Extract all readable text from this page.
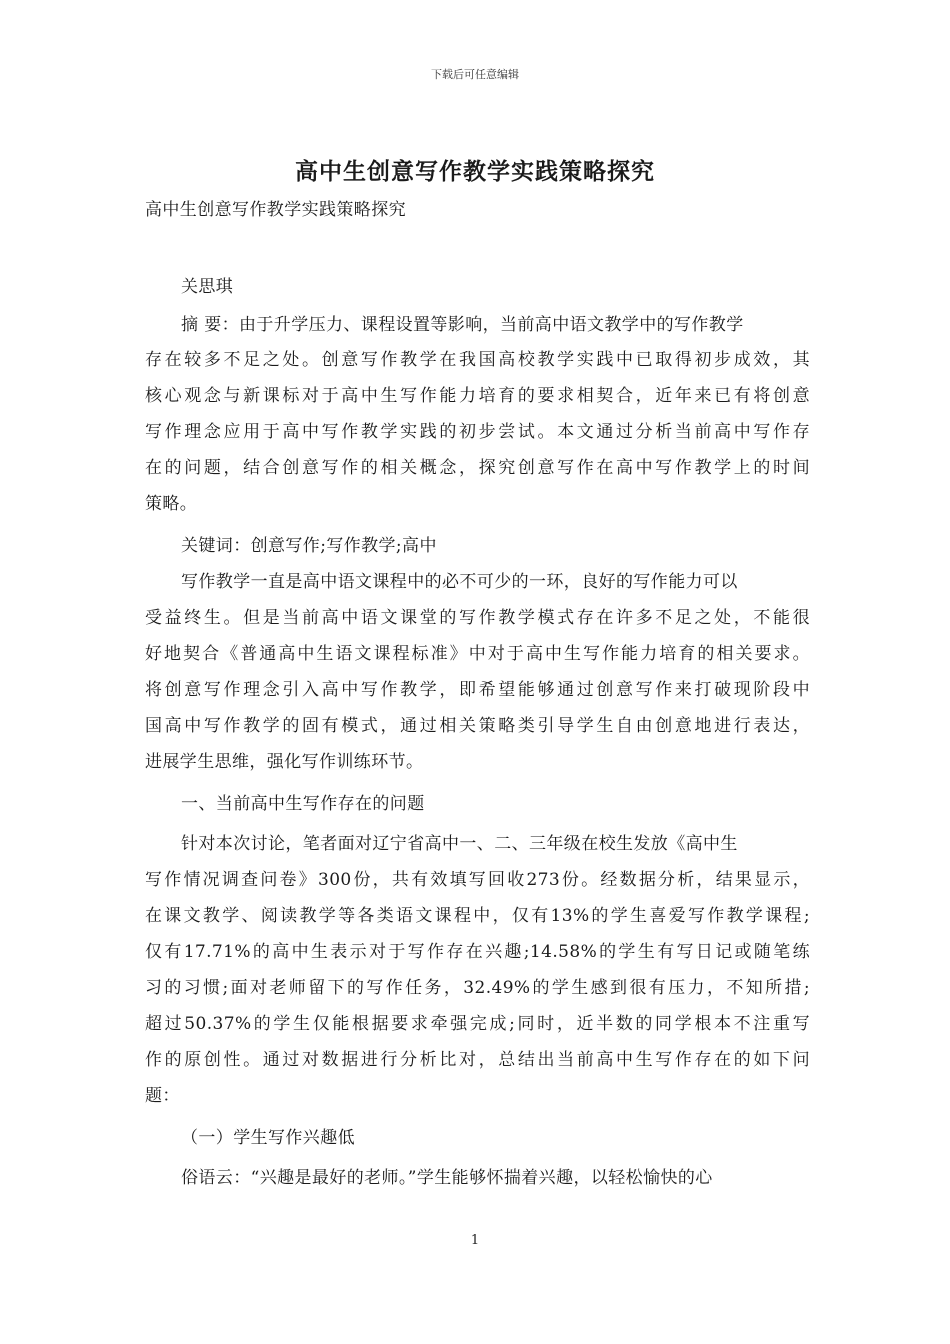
下载后可任意编辑
高中生创意写作教学实践策略探究
高中生创意写作教学实践策略探究
关思琪
摘 要：由于升学压力、课程设置等影响，当前高中语文教学中的写作教学
存在较多不足之处。创意写作教学在我国高校教学实践中已取得初步成效，其
核心观念与新课标对于高中生写作能力培育的要求相契合，近年来已有将创意
写作理念应用于高中写作教学实践的初步尝试。本文通过分析当前高中写作存
在的问题，结合创意写作的相关概念，探究创意写作在高中写作教学上的时间
策略。
关键词：创意写作;写作教学;高中
写作教学一直是高中语文课程中的必不可少的一环，良好的写作能力可以
受益终生。但是当前高中语文课堂的写作教学模式存在许多不足之处，不能很
好地契合《普通高中生语文课程标准》中对于高中生写作能力培育的相关要求。
将创意写作理念引入高中写作教学，即希望能够通过创意写作来打破现阶段中
国高中写作教学的固有模式，通过相关策略类引导学生自由创意地进行表达，
进展学生思维，强化写作训练环节。
一、当前高中生写作存在的问题
针对本次讨论，笔者面对辽宁省高中一、二、三年级在校生发放《高中生
写作情况调查问卷》300份，共有效填写回收273份。经数据分析，结果显示，
在课文教学、阅读教学等各类语文课程中，仅有13%的学生喜爱写作教学课程;
仅有17.71%的高中生表示对于写作存在兴趣;14.58%的学生有写日记或随笔练
习的习惯;面对老师留下的写作任务，32.49%的学生感到很有压力，不知所措;
超过50.37%的学生仅能根据要求牵强完成;同时，近半数的同学根本不注重写
作的原创性。通过对数据进行分析比对，总结出当前高中生写作存在的如下问
题：
（一）学生写作兴趣低
俗语云：“兴趣是最好的老师。”学生能够怀揣着兴趣，以轻松愉快的心
1
